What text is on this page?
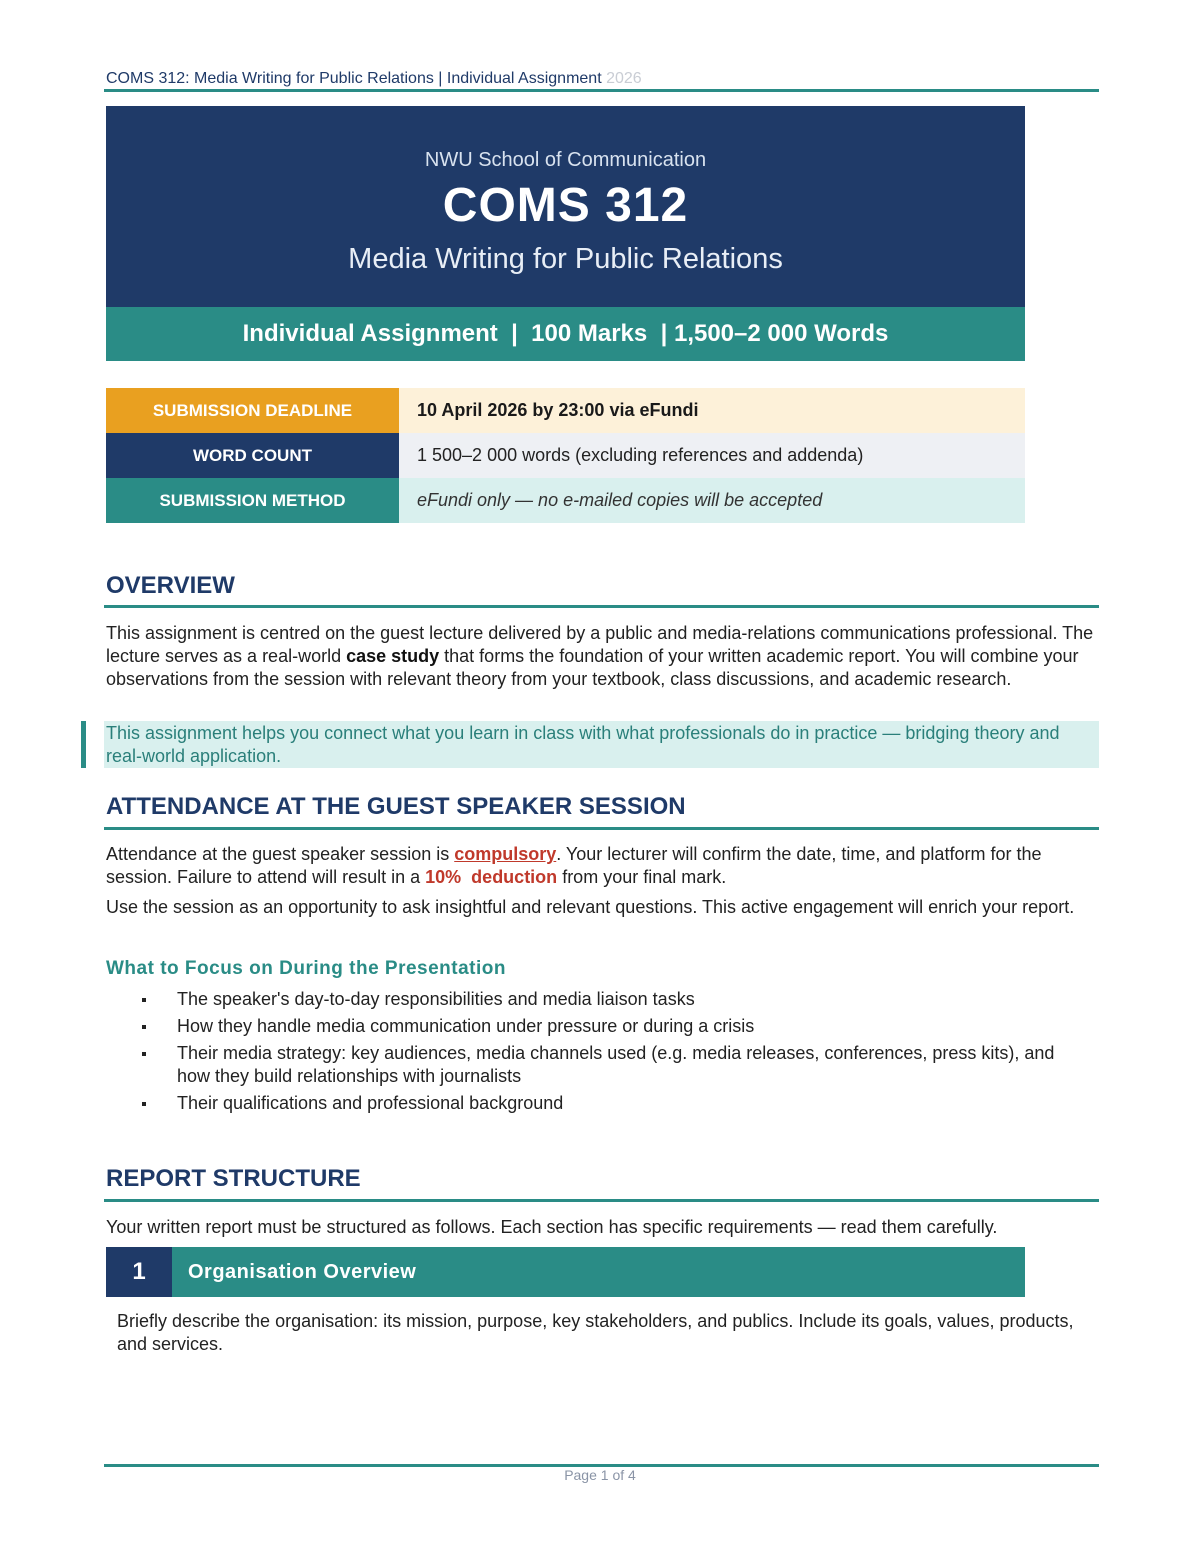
COMS 312: Media Writing for Public Relations | Individual Assignment 2026
NWU School of Communication
COMS 312
Media Writing for Public Relations
Individual Assignment  |  100 Marks  | 1,500–2 000 Words
SUBMISSION DEADLINE	10 April 2026 by 23:00 via eFundi
WORD COUNT	1 500–2 000 words (excluding references and addenda)
SUBMISSION METHOD	eFundi only — no e-mailed copies will be accepted
OVERVIEW

This assignment is centred on the guest lecture delivered by a public and media-relations communications professional. The lecture serves as a real-world case study that forms the foundation of your written academic report. You will combine your observations from the session with relevant theory from your textbook, class discussions, and academic research.

This assignment helps you connect what you learn in class with what professionals do in practice — bridging theory and real-world application.
ATTENDANCE AT THE GUEST SPEAKER SESSION

Attendance at the guest speaker session is compulsory. Your lecturer will confirm the date, time, and platform for the session. Failure to attend will result in a 10%  deduction from your final mark.

Use the session as an opportunity to ask insightful and relevant questions. This active engagement will enrich your report.

What to Focus on During the Presentation
The speaker's day-to-day responsibilities and media liaison tasks
How they handle media communication under pressure or during a crisis
Their media strategy: key audiences, media channels used (e.g. media releases, conferences, press kits), and how they build relationships with journalists
Their qualifications and professional background
REPORT STRUCTURE

Your written report must be structured as follows. Each section has specific requirements — read them carefully.

1	Organisation Overview

Briefly describe the organisation: its mission, purpose, key stakeholders, and publics. Include its goals, values, products, and services.

Page 1 of 4
